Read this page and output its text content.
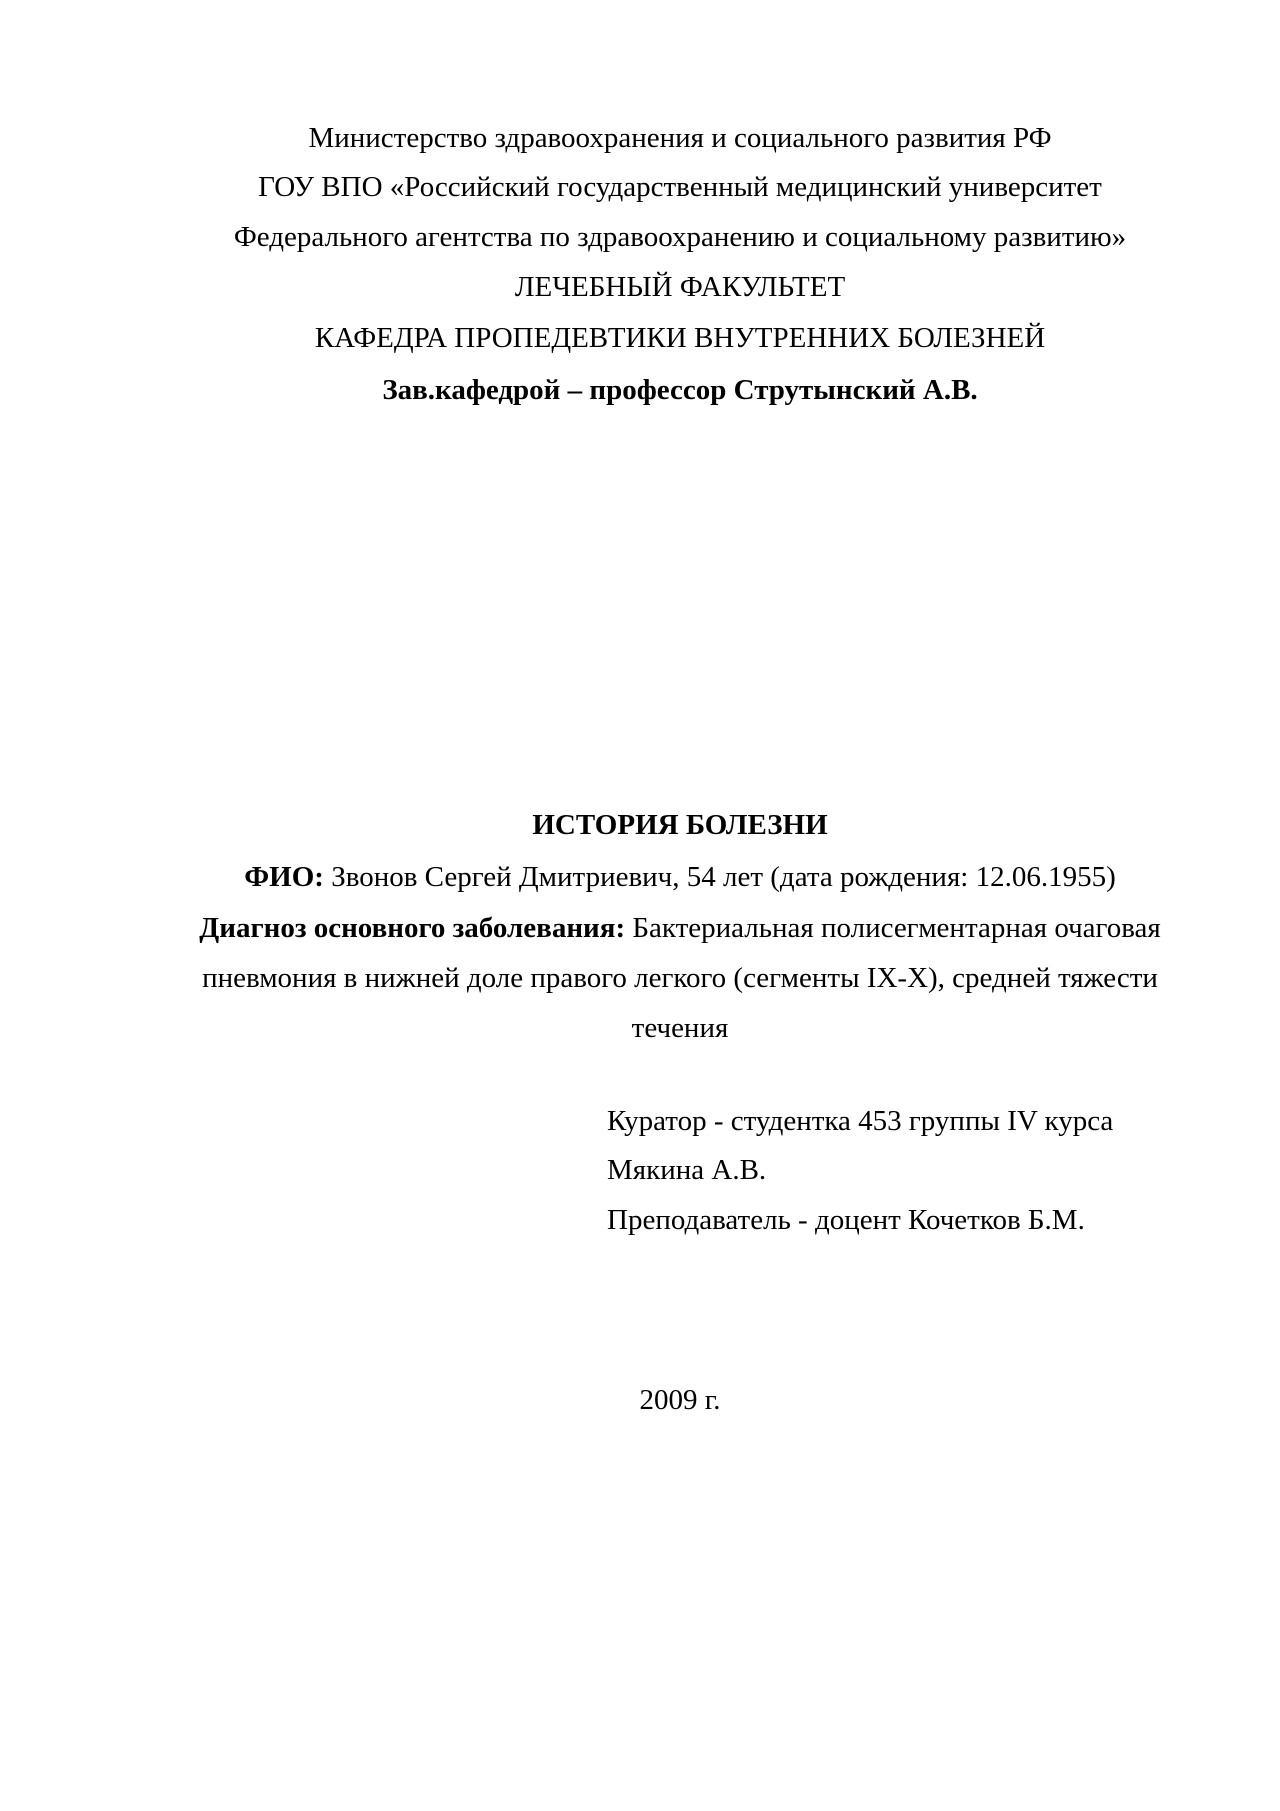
Министерство здравоохранения и социального развития РФ
ГОУ ВПО «Российский государственный медицинский университет
Федерального агентства по здравоохранению и социальному развитию»
ЛЕЧЕБНЫЙ ФАКУЛЬТЕТ
КАФЕДРА ПРОПЕДЕВТИКИ ВНУТРЕННИХ БОЛЕЗНЕЙ
Зав.кафедрой – профессор Струтынский А.В.
ИСТОРИЯ БОЛЕЗНИ
ФИО: Звонов Сергей Дмитриевич, 54 лет (дата рождения: 12.06.1955)
Диагноз основного заболевания: Бактериальная полисегментарная очаговая пневмония в нижней доле правого легкого (сегменты IX-X), средней тяжести течения
Куратор - студентка 453 группы IV курса
Мякина А.В.
Преподаватель - доцент Кочетков Б.М.
2009 г.
